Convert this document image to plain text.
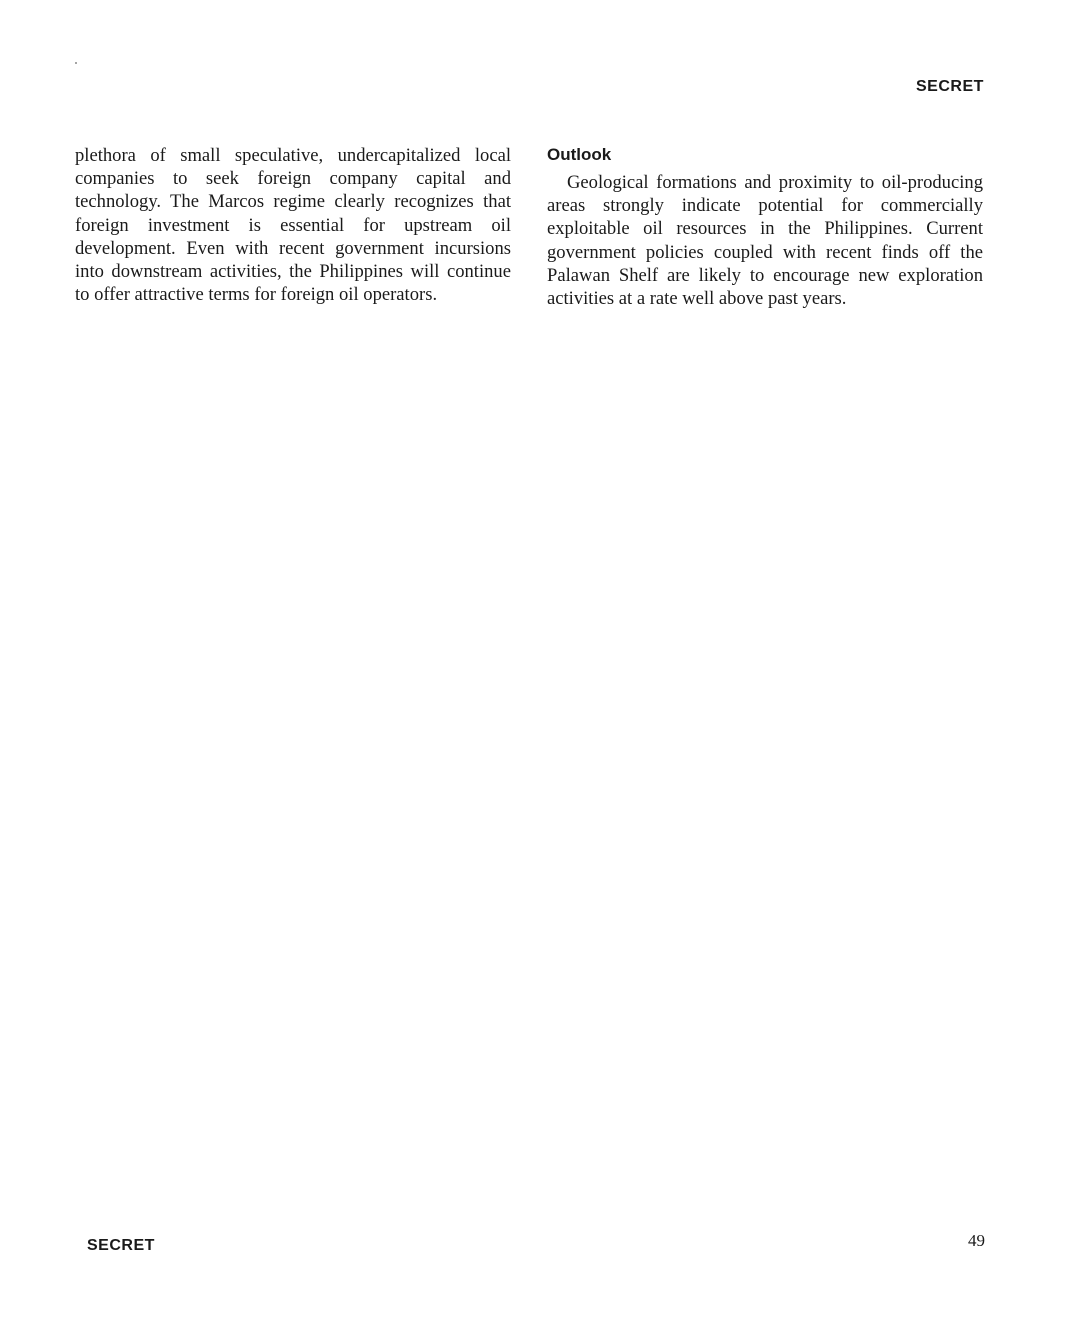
SECRET

plethora of small speculative, undercapitalized local companies to seek foreign company capital and technology. The Marcos regime clearly recognizes that foreign investment is essential for upstream oil development. Even with recent government incursions into downstream activities, the Philippines will continue to offer attractive terms for foreign oil operators.

Outlook

Geological formations and proximity to oil-producing areas strongly indicate potential for commercially exploitable oil resources in the Philippines. Current government policies coupled with recent finds off the Palawan Shelf are likely to encourage new exploration activities at a rate well above past years.

SECRET	49
